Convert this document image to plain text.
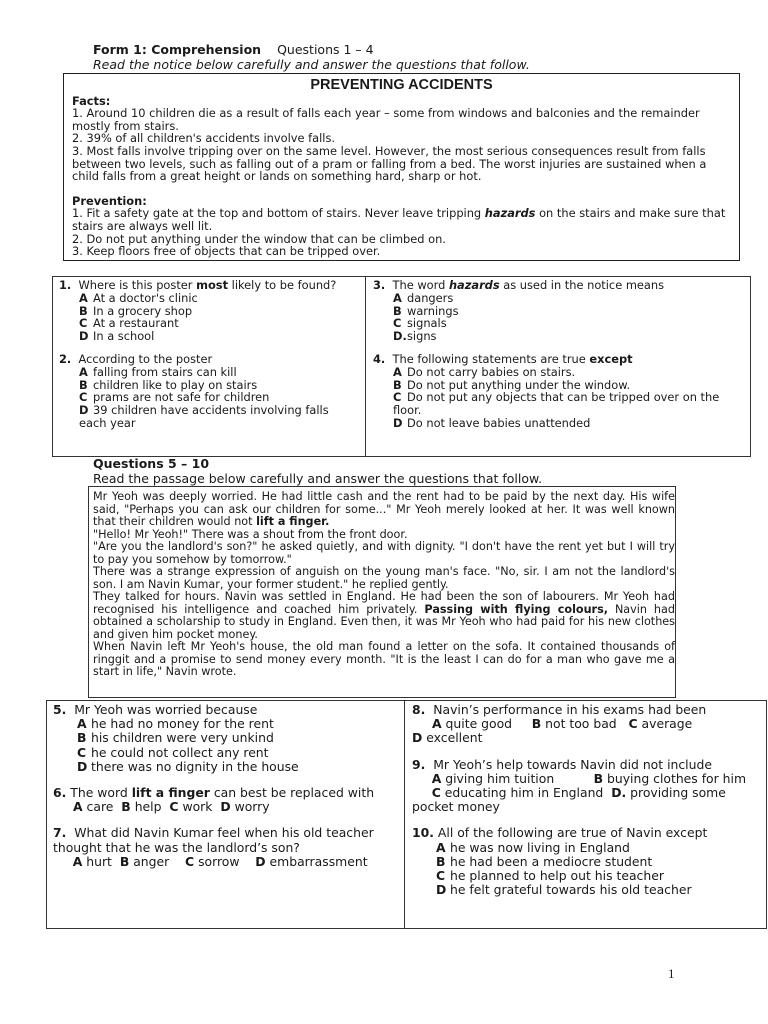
Form 1: Comprehension Questions 1 – 4
Read the notice below carefully and answer the questions that follow.
PREVENTING ACCIDENTS

Facts:

1. Around 10 children die as a result of falls each year – some from windows and balconies and the remainder mostly from stairs.

2. 39% of all children's accidents involve falls.

3. Most falls involve tripping over on the same level. However, the most serious consequences result from falls between two levels, such as falling out of a pram or falling from a bed. The worst injuries are sustained when a child falls from a great height or lands on something hard, sharp or hot.

Prevention:

1. Fit a safety gate at the top and bottom of stairs. Never leave tripping hazards on the stairs and make sure that stairs are always well lit.

2. Do not put anything under the window that can be climbed on.

3. Keep floors free of objects that can be tripped over.

1. Where is this poster most likely to be found?
A At a doctor's clinic
B In a grocery shop
C At a restaurant
D In a school
2. According to the poster
A falling from stairs can kill
B children like to play on stairs
C prams are not safe for children
D 39 children have accidents involving falls each year
3. The word hazards as used in the notice means
A dangers
B warnings
C signals
D.signs
4. The following statements are true except
A Do not carry babies on stairs.
B Do not put anything under the window.
C Do not put any objects that can be tripped over on the floor.
D Do not leave babies unattended
Questions 5 – 10
Read the passage below carefully and answer the questions that follow.

Mr Yeoh was deeply worried. He had little cash and the rent had to be paid by the next day. His wife said, "Perhaps you can ask our children for some..." Mr Yeoh merely looked at her. It was well known that their children would not lift a finger.

"Hello! Mr Yeoh!" There was a shout from the front door.

"Are you the landlord's son?" he asked quietly, and with dignity. "I don't have the rent yet but I will try to pay you somehow by tomorrow."

There was a strange expression of anguish on the young man's face. "No, sir. I am not the landlord's son. I am Navin Kumar, your former student." he replied gently.

They talked for hours. Navin was settled in England. He had been the son of labourers. Mr Yeoh had recognised his intelligence and coached him privately. Passing with flying colours, Navin had obtained a scholarship to study in England. Even then, it was Mr Yeoh who had paid for his new clothes and given him pocket money.

When Navin left Mr Yeoh's house, the old man found a letter on the sofa. It contained thousands of ringgit and a promise to send money every month. "It is the least I can do for a man who gave me a start in life," Navin wrote.

5. Mr Yeoh was worried because
A he had no money for the rent
B his children were very unkind
C he could not collect any rent
D there was no dignity in the house
6. The word lift a finger can best be replaced with
A care B help C work D worry
7. What did Navin Kumar feel when his old teacher thought that he was the landlord’s son?
A hurt B anger C sorrow D embarrassment
8. Navin’s performance in his exams had been
A quite good B not too bad C average
D excellent
9. Mr Yeoh’s help towards Navin did not include
A giving him tuition	B buying clothes for him
C educating him in England D. providing some pocket money
10. All of the following are true of Navin except
A he was now living in England
B he had been a mediocre student
C he planned to help out his teacher
D he felt grateful towards his old teacher
1
